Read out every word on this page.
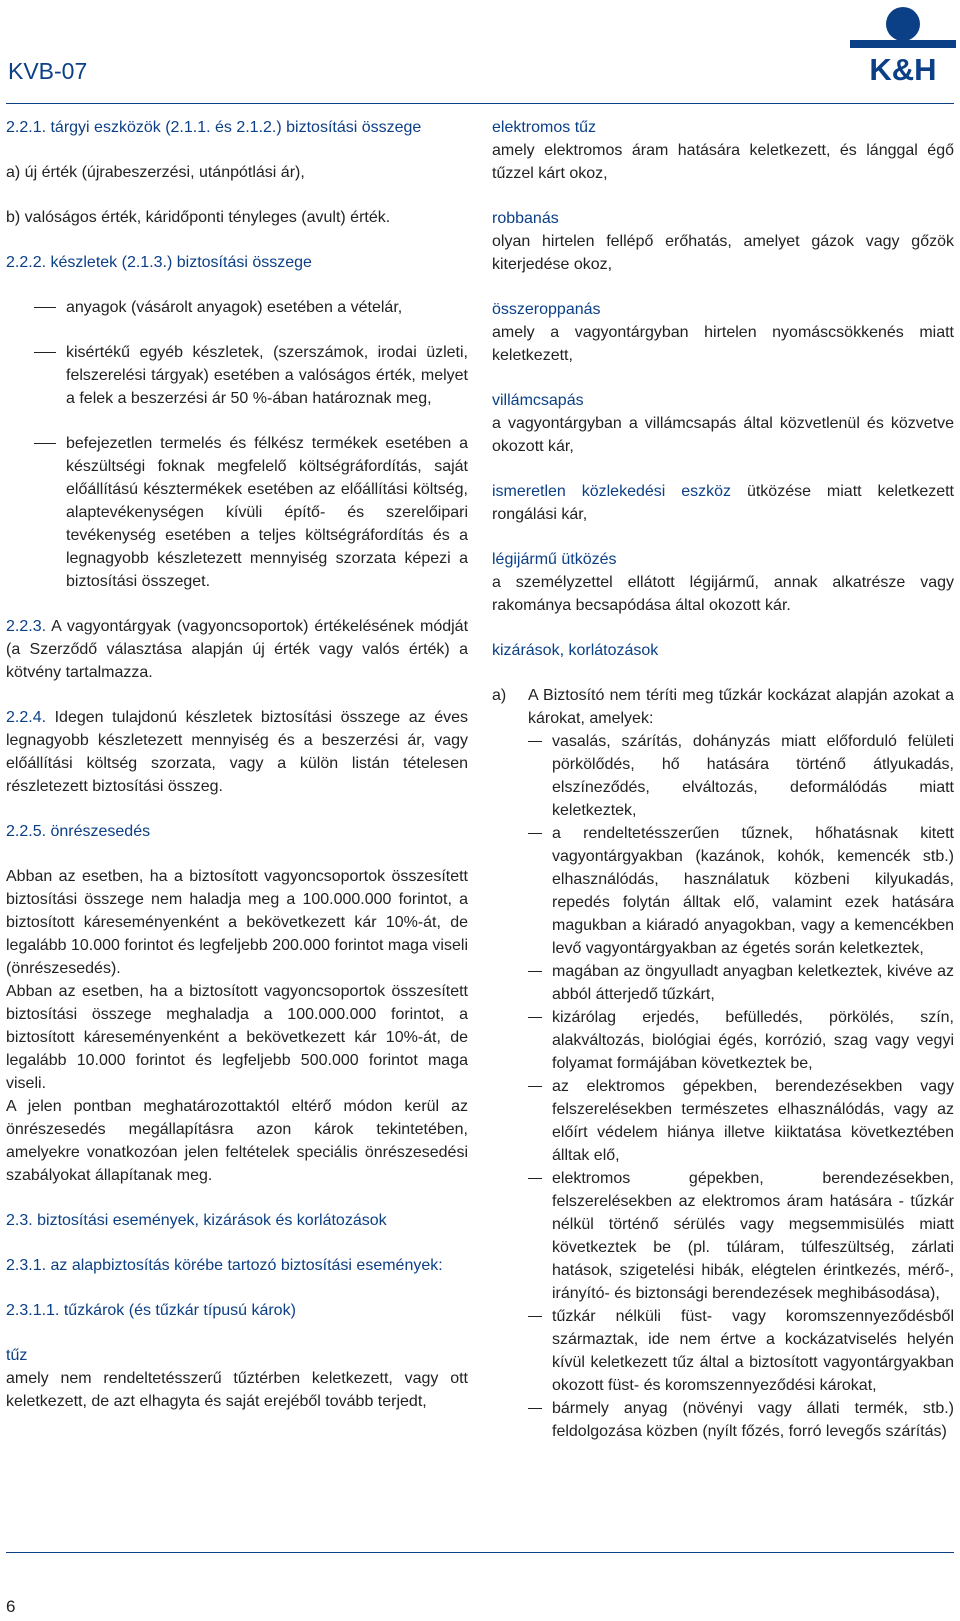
KVB-07	K&H

2.2.1. tárgyi eszközök (2.1.1. és 2.1.2.) biztosítási összege

a) új érték (újrabeszerzési, utánpótlási ár),

b) valóságos érték, káridőponti tényleges (avult) érték.

2.2.2. készletek (2.1.3.) biztosítási összege

anyagok (vásárolt anyagok) esetében a vételár,

kisértékű egyéb készletek, (szerszámok, irodai üzleti, felszerelési tárgyak) esetében a valóságos érték, melyet a felek a beszerzési ár 50 %-ában határoznak meg,

befejezetlen termelés és félkész termékek esetében a készültségi foknak megfelelő költségráfordítás, saját előállítású késztermékek esetében az előállítási költség, alaptevékenységen kívüli építő- és szerelőipari tevékenység esetében a teljes költségráfordítás és a legnagyobb készletezett mennyiség szorzata képezi a biztosítási összeget.

2.2.3. A vagyontárgyak (vagyoncsoportok) értékelésének módját (a Szerződő választása alapján új érték vagy valós érték) a kötvény tartalmazza.

2.2.4. Idegen tulajdonú készletek biztosítási összege az éves legnagyobb készletezett mennyiség és a beszerzési ár, vagy előállítási költség szorzata, vagy a külön listán tételesen részletezett biztosítási összeg.

2.2.5. önrészesedés

Abban az esetben, ha a biztosított vagyoncsoportok összesített biztosítási összege nem haladja meg a 100.000.000 forintot, a biztosított káreseményenként a bekövetkezett kár 10%-át, de legalább 10.000 forintot és legfeljebb 200.000 forintot maga viseli (önrészesedés).

Abban az esetben, ha a biztosított vagyoncsoportok összesített biztosítási összege meghaladja a 100.000.000 forintot, a biztosított káreseményenként a bekövetkezett kár 10%-át, de legalább 10.000 forintot és legfeljebb 500.000 forintot maga viseli.

A jelen pontban meghatározottaktól eltérő módon kerül az önrészesedés megállapításra azon károk tekintetében, amelyekre vonatkozóan jelen feltételek speciális önrészesedési szabályokat állapítanak meg.

2.3. biztosítási események, kizárások és korlátozások

2.3.1. az alapbiztosítás körébe tartozó biztosítási események:

2.3.1.1. tűzkárok (és tűzkár típusú károk)

tűz

amely nem rendeltetésszerű tűztérben keletkezett, vagy ott keletkezett, de azt elhagyta és saját erejéből tovább terjedt,

elektromos tűz

amely elektromos áram hatására keletkezett, és lánggal égő tűzzel kárt okoz,

robbanás

olyan hirtelen fellépő erőhatás, amelyet gázok vagy gőzök kiterjedése okoz,

összeroppanás

amely a vagyontárgyban hirtelen nyomáscsökkenés miatt keletkezett,

villámcsapás

a vagyontárgyban a villámcsapás által közvetlenül és közvetve okozott kár,

ismeretlen közlekedési eszköz ütközése miatt keletkezett rongálási kár,

légijármű ütközés

a személyzettel ellátott légijármű, annak alkatrésze vagy rakománya becsapódása által okozott kár.

kizárások, korlátozások

a) A Biztosító nem téríti meg tűzkár kockázat alapján azokat a károkat, amelyek:

vasalás, szárítás, dohányzás miatt előforduló felületi pörkölődés, hő hatására történő átlyukadás, elszíneződés, elváltozás, deformálódás miatt keletkeztek,

a rendeltetésszerűen tűznek, hőhatásnak kitett vagyontárgyakban (kazánok, kohók, kemencék stb.) elhasználódás, használatuk közbeni kilyukadás, repedés folytán álltak elő, valamint ezek hatására magukban a kiáradó anyagokban, vagy a kemencékben levő vagyontárgyakban az égetés során keletkeztek,

magában az öngyulladt anyagban keletkeztek, kivéve az abból átterjedő tűzkárt,

kizárólag erjedés, befülledés, pörkölés, szín, alakváltozás, biológiai égés, korrózió, szag vagy vegyi folyamat formájában következtek be,

az elektromos gépekben, berendezésekben vagy felszerelésekben természetes elhasználódás, vagy az előírt védelem hiánya illetve kiiktatása következtében álltak elő,

elektromos gépekben, berendezésekben, felszerelésekben az elektromos áram hatására - tűzkár nélkül történő sérülés vagy megsemmisülés miatt következtek be (pl. túláram, túlfeszültség, zárlati hatások, szigetelési hibák, elégtelen érintkezés, mérő-, irányító- és biztonsági berendezések meghibásodása),

tűzkár nélküli füst- vagy koromszennyeződésből származtak, ide nem értve a kockázatviselés helyén kívül keletkezett tűz által a biztosított vagyontárgyakban okozott füst- és koromszennyeződési károkat,

bármely anyag (növényi vagy állati termék, stb.) feldolgozása közben (nyílt főzés, forró levegős szárítás)

6
